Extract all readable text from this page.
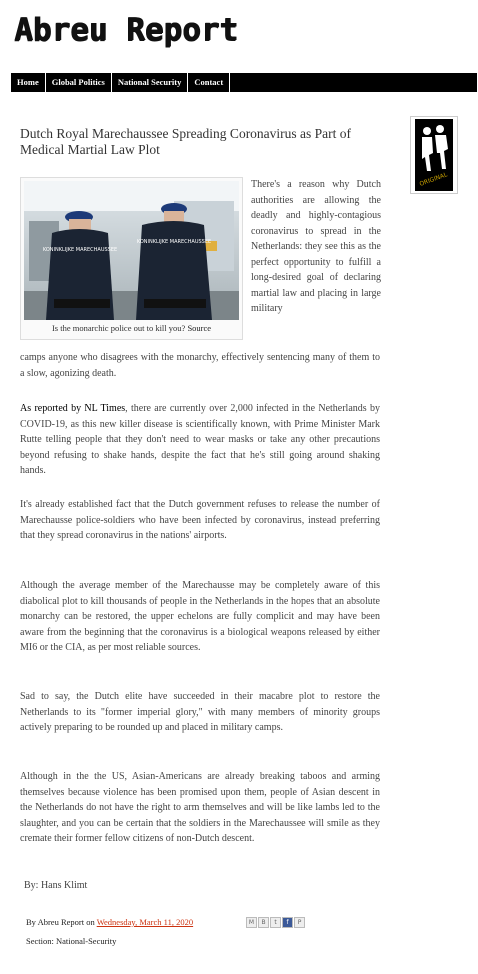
Abreu Report
Home	Global Politics	National Security	Contact
Dutch Royal Marechaussee Spreading Coronavirus as Part of Medical Martial Law Plot
ORIGINAL
KONINKLIJKE MARECHAUSSEE
KONINKLIJKE MARECHAUSSEE
Is the monarchic police out to kill you? Source
There's a reason why Dutch authorities are allowing the deadly and highly-contagious coronavirus to spread in the Netherlands: they see this as the perfect opportunity to fulfill a long-desired goal of declaring martial law and placing in large military

camps anyone who disagrees with the monarchy, effectively sentencing many of them to a slow, agonizing death.

As reported by NL Times, there are currently over 2,000 infected in the Netherlands by COVID-19, as this new killer disease is scientifically known, with Prime Minister Mark Rutte telling people that they don't need to wear masks or take any other precautions beyond refusing to shake hands, despite the fact that he's still going around shaking hands.

It's already established fact that the Dutch government refuses to release the number of Marechausse police-soldiers who have been infected by coronavirus, instead preferring that they spread coronavirus in the nations' airports.

Although the average member of the Marechausse may be completely aware of this diabolical plot to kill thousands of people in the Netherlands in the hopes that an absolute monarchy can be restored, the upper echelons are fully complicit and may have been aware from the beginning that the coronavirus is a biological weapons released by either MI6 or the CIA, as per most reliable sources.

Sad to say, the Dutch elite have succeeded in their macabre plot to restore the Netherlands to its "former imperial glory," with many members of minority groups actively preparing to be rounded up and placed in military camps.

Although in the the US, Asian-Americans are already breaking taboos and arming themselves because violence has been promised upon them, people of Asian descent in the Netherlands do not have the right to arm themselves and will be like lambs led to the slaughter, and you can be certain that the soldiers in the Marechaussee will smile as they cremate their former fellow citizens of non-Dutch descent.

By: Hans Klimt
By Abreu Report on Wednesday, March 11, 2020	M	B	t	f	P
Section: National-Security
